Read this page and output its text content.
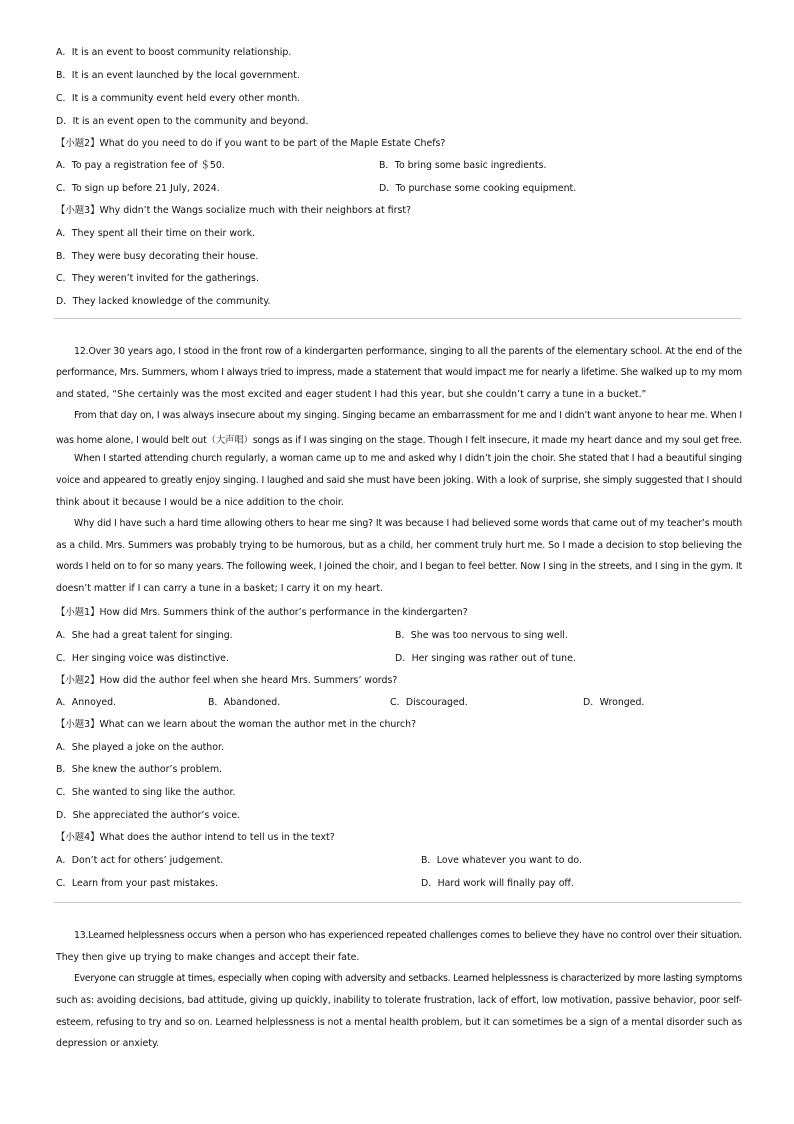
A．It is an event to boost community relationship.
B．It is an event launched by the local government.
C．It is a community event held every other month.
D．It is an event open to the community and beyond.
【小题2】What do you need to do if you want to be part of the Maple Estate Chefs?
A．To pay a registration fee of ＄50.	B．To bring some basic ingredients.
C．To sign up before 21 July, 2024.	D．To purchase some cooking equipment.
【小题3】Why didn’t the Wangs socialize much with their neighbors at first?
A．They spent all their time on their work.
B．They were busy decorating their house.
C．They weren’t invited for the gatherings.
D．They lacked knowledge of the community.
12.Over 30 years ago, I stood in the front row of a kindergarten performance, singing to all the parents of the elementary school. At the end of the
performance, Mrs. Summers, whom I always tried to impress, made a statement that would impact me for nearly a lifetime. She walked up to my mom
and stated, “She certainly was the most excited and eager student I had this year, but she couldn’t carry a tune in a bucket.”
From that day on, I was always insecure about my singing. Singing became an embarrassment for me and I didn’t want anyone to hear me. When I
was home alone, I would belt out（大声唱）songs as if I was singing on the stage. Though I felt insecure, it made my heart dance and my soul get free.
When I started attending church regularly, a woman came up to me and asked why I didn’t join the choir. She stated that I had a beautiful singing
voice and appeared to greatly enjoy singing. I laughed and said she must have been joking. With a look of surprise, she simply suggested that I should
think about it because I would be a nice addition to the choir.
Why did I have such a hard time allowing others to hear me sing? It was because I had believed some words that came out of my teacher’s mouth
as a child. Mrs. Summers was probably trying to be humorous, but as a child, her comment truly hurt me. So I made a decision to stop believing the
words I held on to for so many years. The following week, I joined the choir, and I began to feel better. Now I sing in the streets, and I sing in the gym. It
doesn’t matter if I can carry a tune in a basket; I carry it on my heart.
【小题1】How did Mrs. Summers think of the author’s performance in the kindergarten?
A．She had a great talent for singing.	B．She was too nervous to sing well.
C．Her singing voice was distinctive.	D．Her singing was rather out of tune.
【小题2】How did the author feel when she heard Mrs. Summers’ words?
A．Annoyed.	B．Abandoned.	C．Discouraged.	D．Wronged.
【小题3】What can we learn about the woman the author met in the church?
A．She played a joke on the author.
B．She knew the author’s problem.
C．She wanted to sing like the author.
D．She appreciated the author’s voice.
【小题4】What does the author intend to tell us in the text?
A．Don’t act for others’ judgement.	B．Love whatever you want to do.
C．Learn from your past mistakes.	D．Hard work will finally pay off.
13.Learned helplessness occurs when a person who has experienced repeated challenges comes to believe they have no control over their situation.
They then give up trying to make changes and accept their fate.
Everyone can struggle at times, especially when coping with adversity and setbacks. Learned helplessness is characterized by more lasting symptoms
such as: avoiding decisions, bad attitude, giving up quickly, inability to tolerate frustration, lack of effort, low motivation, passive behavior, poor self-
esteem, refusing to try and so on. Learned helplessness is not a mental health problem, but it can sometimes be a sign of a mental disorder such as
depression or anxiety.
